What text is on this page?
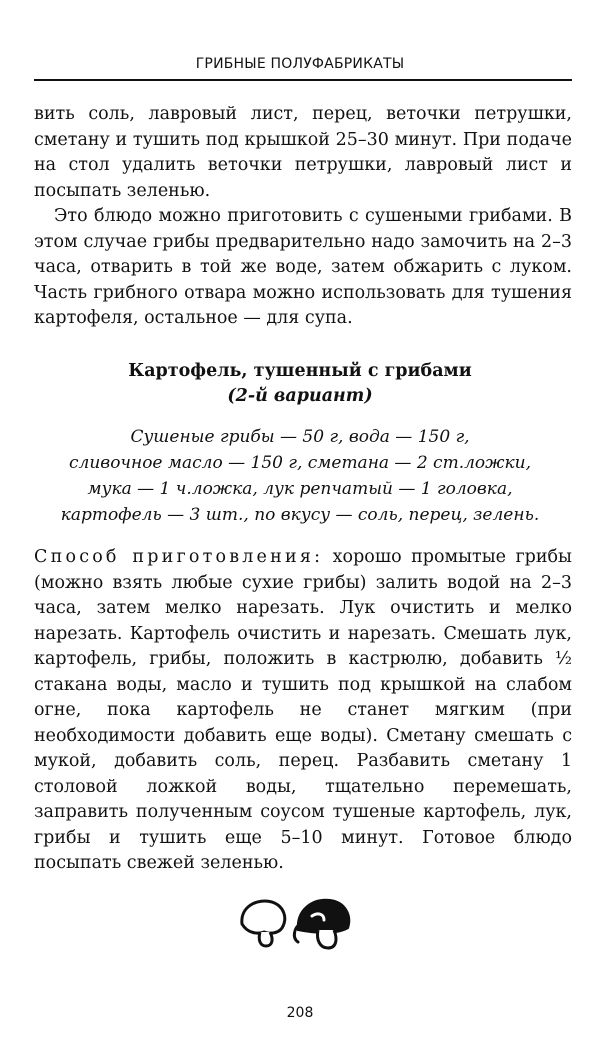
ГРИБНЫЕ ПОЛУФАБРИКАТЫ

вить соль, лавровый лист, перец, веточки петрушки, сметану и тушить под крышкой 25–30 минут. При подаче на стол удалить веточки петрушки, лавровый лист и посыпать зеленью.

Это блюдо можно приготовить с сушеными грибами. В этом случае грибы предварительно надо замочить на 2–3 часа, отварить в той же воде, затем обжарить с луком. Часть грибного отвара можно использовать для тушения картофеля, остальное — для супа.

Картофель, тушенный с грибами

(2-й вариант)

Сушеные грибы — 50 г, вода — 150 г,
сливочное масло — 150 г, сметана — 2 ст.ложки,
мука — 1 ч.ложка, лук репчатый — 1 головка,
картофель — 3 шт., по вкусу — соль, перец, зелень.

Способ приготовления: хорошо промытые грибы (можно взять любые сухие грибы) залить водой на 2–3 часа, затем мелко нарезать. Лук очистить и мелко нарезать. Картофель очистить и нарезать. Смешать лук, картофель, грибы, положить в кастрюлю, добавить ½ стакана воды, масло и тушить под крышкой на слабом огне, пока картофель не станет мягким (при необходимости добавить еще воды). Сметану смешать с мукой, добавить соль, перец. Разбавить сметану 1 столовой ложкой воды, тщательно перемешать, заправить полученным соусом тушеные картофель, лук, грибы и тушить еще 5–10 минут. Готовое блюдо посыпать свежей зеленью.

208
